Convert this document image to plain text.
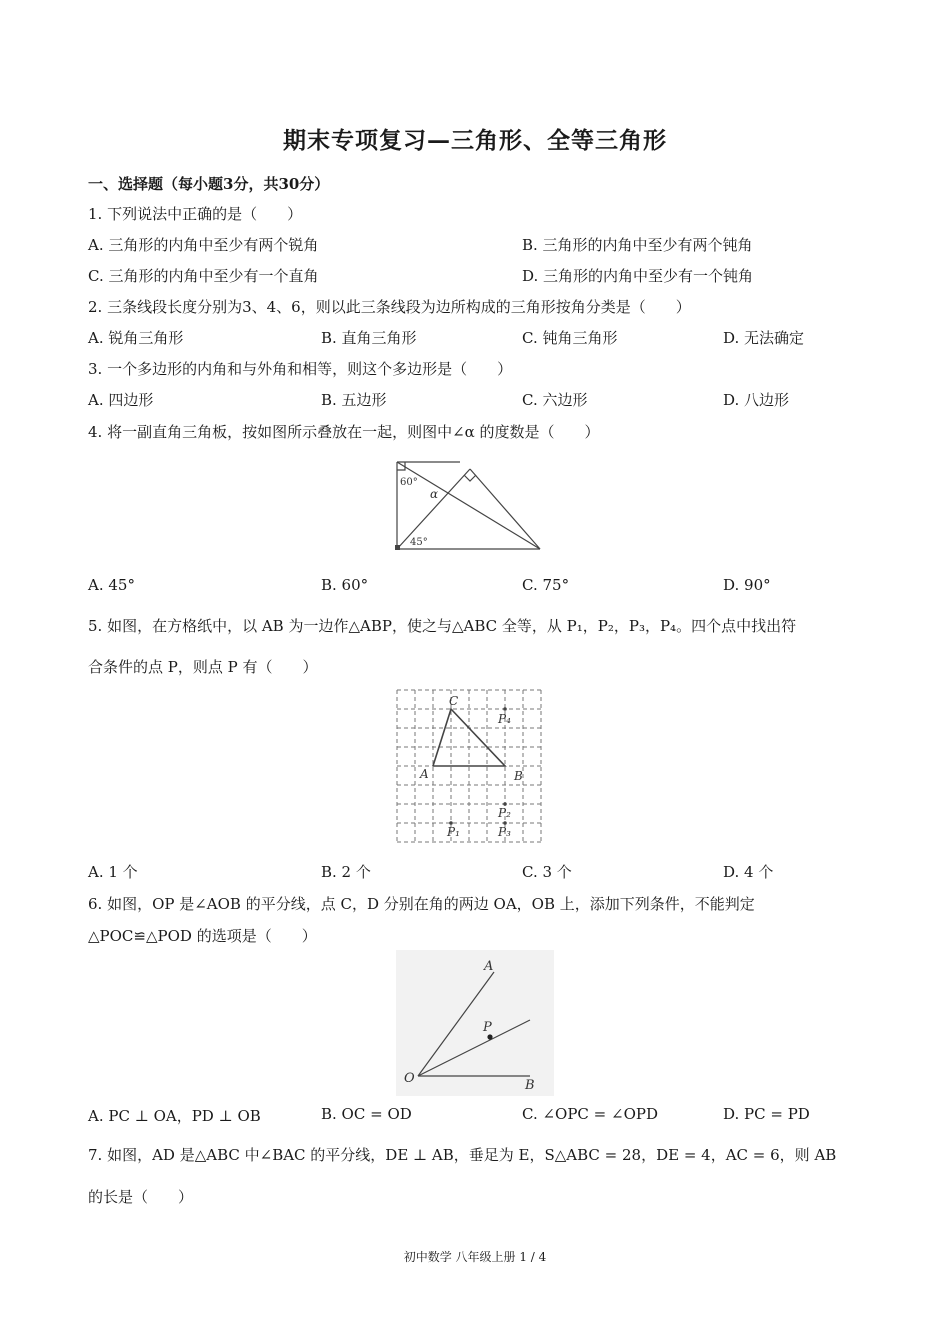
期末专项复习—三角形、全等三角形
一、选择题（每小题3分，共30分）
1. 下列说法中正确的是（　　）
A. 三角形的内角中至少有两个锐角	B. 三角形的内角中至少有两个钝角
C. 三角形的内角中至少有一个直角	D. 三角形的内角中至少有一个钝角
2. 三条线段长度分别为3、4、6，则以此三条线段为边所构成的三角形按角分类是（　　）
A. 锐角三角形	B. 直角三角形	C. 钝角三角形	D. 无法确定
3. 一个多边形的内角和与外角和相等，则这个多边形是（　　）
A. 四边形	B. 五边形	C. 六边形	D. 八边形
4. 将一副直角三角板，按如图所示叠放在一起，则图中∠α 的度数是（　　）
60°
α
45°
A. 45°	B. 60°	C. 75°	D. 90°
5. 如图，在方格纸中，以 AB 为一边作△ABP，使之与△ABC 全等，从 P₁，P₂，P₃，P₄。四个点中找出符
合条件的点 P，则点 P 有（　　）
C
A	B
P₄
P₁
P₂
P₃
A. 1 个	B. 2 个	C. 3 个	D. 4 个
6. 如图，OP 是∠AOB 的平分线，点 C，D 分别在角的两边 OA，OB 上，添加下列条件，不能判定
△POC≌△POD 的选项是（　　）
A
P
O	B
A. PC ⊥ OA，PD ⊥ OB	B. OC = OD	C. ∠OPC = ∠OPD	D. PC = PD
7. 如图，AD 是△ABC 中∠BAC 的平分线，DE ⊥ AB，垂足为 E，S△ABC = 28，DE = 4，AC = 6，则 AB
的长是（　　）
初中数学 八年级上册 1 / 4
